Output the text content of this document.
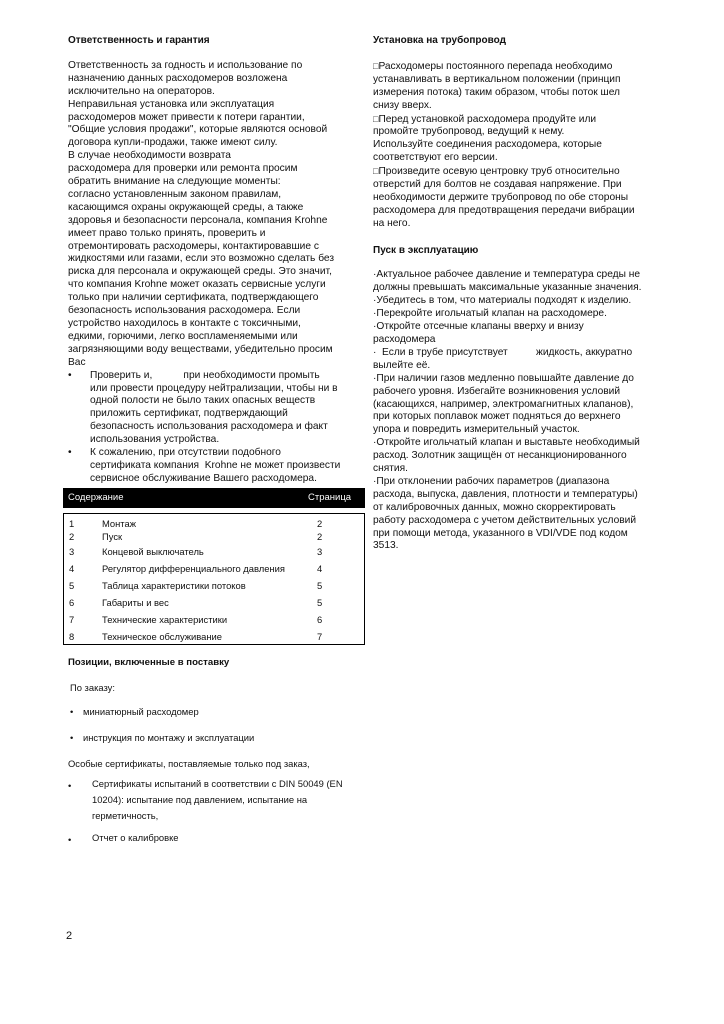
Ответственность и гарантия

Ответственность за годность и использование по

назначению данных расходомеров возложена

исключительно на операторов.

Неправильная установка или эксплуатация

расходомеров может привести к потери гарантии,

"Общие условия продажи", которые являются основой

договора купли-продажи, также имеют силу.

В случае необходимости возврата

расходомера для проверки или ремонта просим

обратить внимание на следующие моменты:

согласно установленным законом правилам,

касающимся охраны окружающей среды, а также

здоровья и безопасности персонала, компания Krohne

имеет право только принять, проверить и

отремонтировать расходомеры, контактировавшие с

жидкостями или газами, если это возможно сделать без

риска для персонала и окружающей среды. Это значит,

что компания Krohne может оказать сервисные услуги

только при наличии сертификата, подтверждающего

безопасность использования расходомера. Если

устройство находилось в контакте с токсичными,

едкими, горючими, легко воспламеняемыми или

загрязняющими воду веществами, убедительно просим

Вас

• Проверить и,           при необходимости промыть
или провести процедуру нейтрализации, чтобы ни в
одной полости не было таких опасных веществ
приложить сертификат, подтверждающий
безопасность использования расходомера и факт
использования устройства.
• К сожалению, при отсутствии подобного
сертификата компания  Krohne не может произвести
сервисное обслуживание Вашего расходомера.
Содержание	Страница
1	Монтаж	2
2	Пуск	2
3	Концевой выключатель	3
4	Регулятор дифференциального давления	4
5	Таблица характеристики потоков	5
6	Габариты и вес	5
7	Технические характеристики	6
8	Техническое обслуживание	7

Позиции, включенные в поставку

По заказу:

• миниатюрный расходомер
• инструкция по монтажу и эксплуатации

Особые сертификаты, поставляемые только под заказ,

• Сертификаты испытаний в соответствии с DIN 50049 (EN

10204): испытание под давлением, испытание на

герметичность,

• Отчет о калибровке

Установка на трубопровод

□Расходомеры постоянного перепада необходимо

устанавливать в вертикальном положении (принцип

измерения потока) таким образом, чтобы поток шел

снизу вверх.

□Перед установкой расходомера продуйте или

промойте трубопровод, ведущий к нему.

Используйте соединения расходомера, которые

соответствуют его версии.

□Произведите осевую центровку труб относительно

отверстий для болтов не создавая напряжение. При

необходимости держите трубопровод по обе стороны

расходомера для предотвращения передачи вибрации

на него.

Пуск в эксплуатацию

·Актуальное рабочее давление и температура среды не

должны превышать максимальные указанные значения.

·Убедитесь в том, что материалы подходят к изделию.

·Перекройте игольчатый клапан на расходомере.

·Откройте отсечные клапаны вверху и внизу

расходомера

·  Если в трубе присутствует          жидкость, аккуратно

вылейте её.

·При наличии газов медленно повышайте давление до

рабочего уровня. Избегайте возникновения условий

(касающихся, например, электромагнитных клапанов),

при которых поплавок может подняться до верхнего

упора и повредить измерительный участок.

·Откройте игольчатый клапан и выставьте необходимый

расход. Золотник защищён от несанкционированного

снятия.

·При отклонении рабочих параметров (диапазона

расхода, выпуска, давления, плотности и температуры)

от калибровочных данных, можно скорректировать

работу расходомера с учетом действительных условий

при помощи метода, указанного в VDI/VDE под кодом

3513.

2
